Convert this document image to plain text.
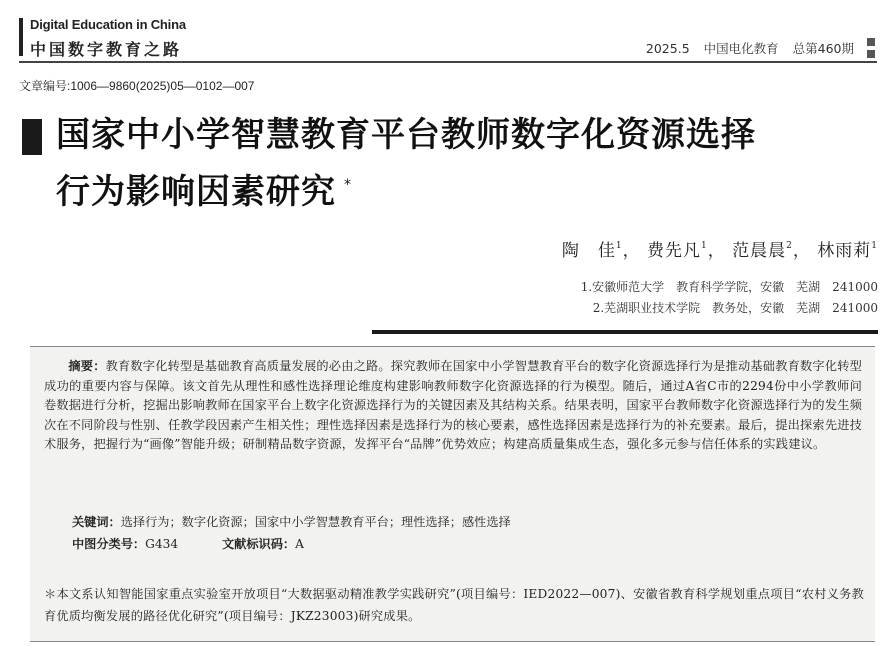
Digital Education in China
中国数字教育之路	2025.5 中国电化教育 总第460期
文章编号:1006—9860(2025)05—0102—007
国家中小学智慧教育平台教师数字化资源选择
行为影响因素研究 *
陶　佳$^1$， 费先凡$^1$， 范晨晨$^2$， 林雨莉$^1$
1.安徽师范大学　教育科学学院，安徽　芜湖　241000
2.芜湖职业技术学院　教务处，安徽　芜湖　241000
摘要：教育数字化转型是基础教育高质量发展的必由之路。探究教师在国家中小学智慧教育平台的数字化资源选择行为是推动基础教育数字化转型成功的重要内容与保障。该文首先从理性和感性选择理论维度构建影响教师数字化资源选择的行为模型。随后，通过A省C市的2294份中小学教师问卷数据进行分析，挖掘出影响教师在国家平台上数字化资源选择行为的关键因素及其结构关系。结果表明，国家平台教师数字化资源选择行为的发生频次在不同阶段与性别、任教学段因素产生相关性；理性选择因素是选择行为的核心要素，感性选择因素是选择行为的补充要素。最后，提出探索先进技术服务，把握行为“画像”智能升级；研制精品数字资源，发挥平台“品牌”优势效应；构建高质量集成生态，强化多元参与信任体系的实践建议。
关键词：选择行为；数字化资源；国家中小学智慧教育平台；理性选择；感性选择
中图分类号：G434	文献标识码：A
＊本文系认知智能国家重点实验室开放项目“大数据驱动精准教学实践研究”(项目编号：IED2022—007)、安徽省教育科学规划重点项目“农村义务教育优质均衡发展的路径优化研究”(项目编号：JKZ23003)研究成果。
